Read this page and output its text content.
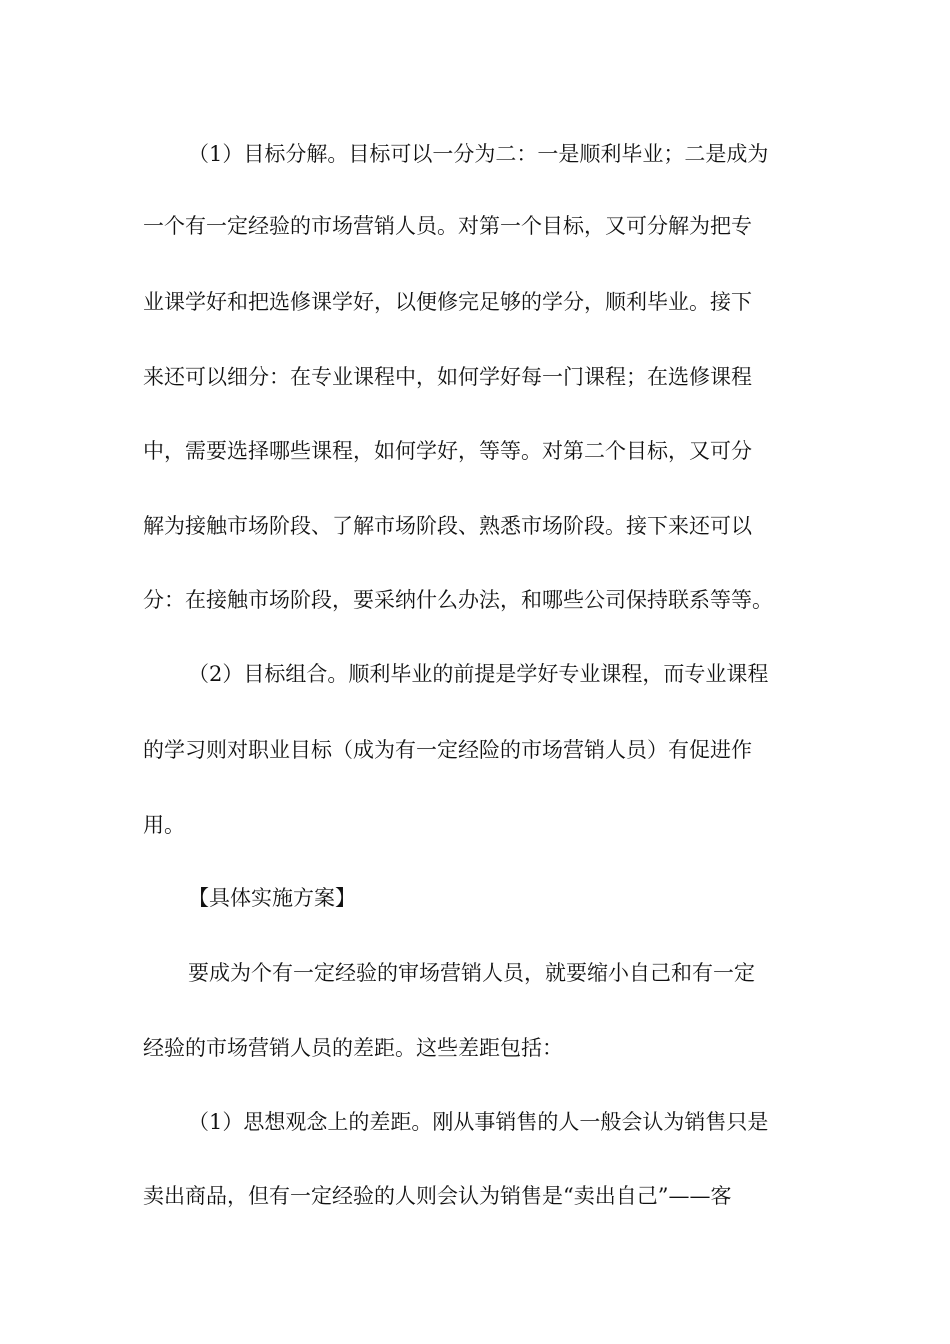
（1）目标分解。目标可以一分为二：一是顺利毕业；二是成为
一个有一定经验的市场营销人员。对第一个目标，又可分解为把专
业课学好和把选修课学好，以便修完足够的学分，顺利毕业。接下
来还可以细分：在专业课程中，如何学好每一门课程；在选修课程
中，需要选择哪些课程，如何学好，等等。对第二个目标，又可分
解为接触市场阶段、了解市场阶段、熟悉市场阶段。接下来还可以
分：在接触市场阶段，要采纳什么办法，和哪些公司保持联系等等。
（2）目标组合。顺利毕业的前提是学好专业课程，而专业课程
的学习则对职业目标（成为有一定经险的市场营销人员）有促进作
用。
【具体实施方案】
要成为个有一定经验的审场营销人员，就要缩小自己和有一定
经验的市场营销人员的差距。这些差距包括：
（1）思想观念上的差距。刚从事销售的人一般会认为销售只是
卖出商品，但有一定经验的人则会认为销售是“卖出自己”——客
